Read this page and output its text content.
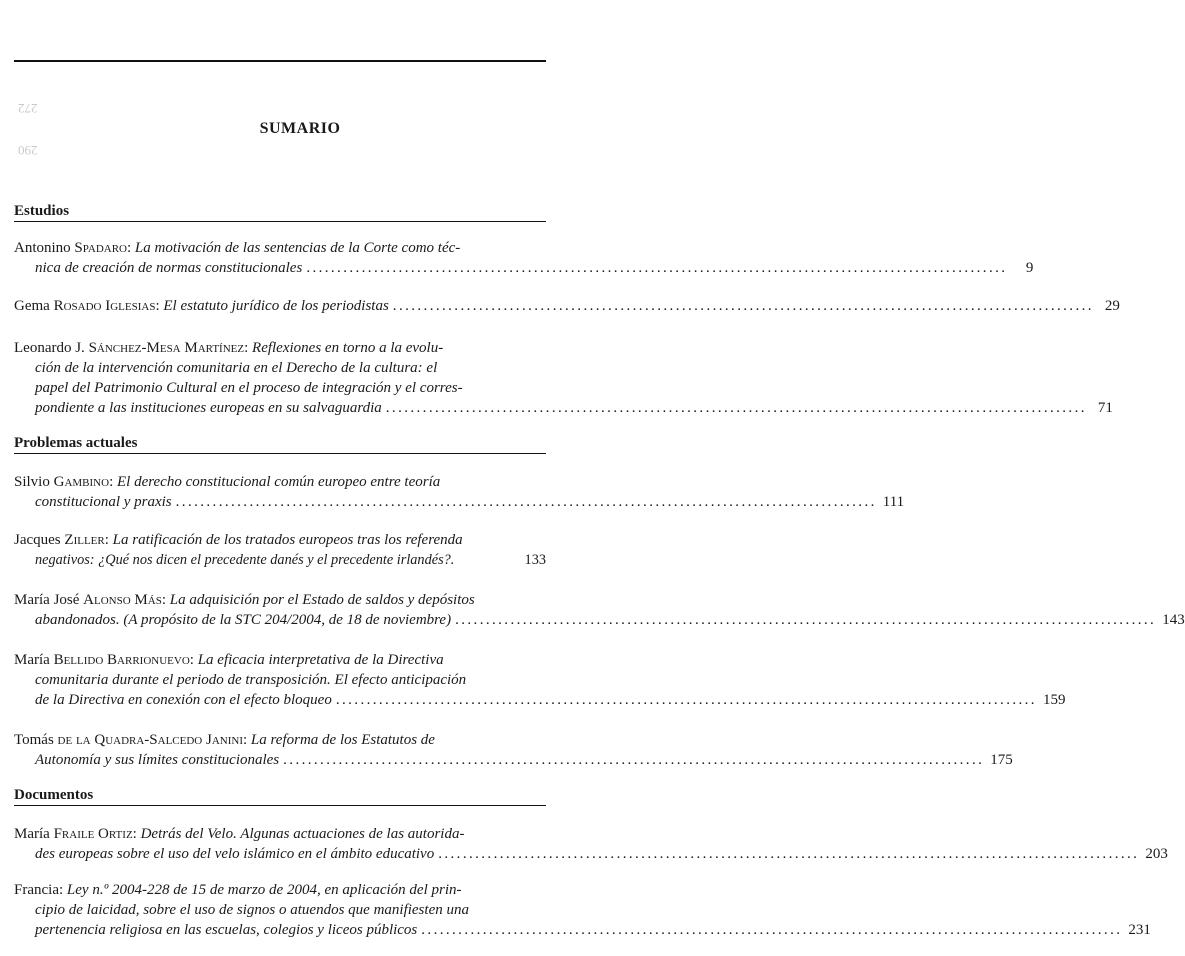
272
290
SUMARIO
Estudios
Antonino
Spadaro : La motivación de las sentencias de la Corte como téc-
nica de creación de normas constitucionales ..................................................................................................................	9
Gema Rosado Iglesias: El estatuto jurídico de los periodistas .................................................................................................................. 29
Leonardo J.
Sánchez-Mesa Martínez : Reflexiones en torno a la evolu-
ción de la intervención comunitaria en el Derecho de la cultura: el
papel del Patrimonio Cultural en el proceso de integración y el corres-
pondiente a las instituciones europeas en su salvaguardia .................................................................................................................. 71
Problemas actuales
Silvio
Gambino : El derecho constitucional común europeo entre teoría
constitucional y praxis .................................................................................................................. 111
Jacques
Ziller : La ratificación de los tratados europeos tras los referenda
negativos: ¿Qué nos dicen el precedente danés y el precedente irlandés?.	133
María José
Alonso Más : La adquisición por el Estado de saldos y depósitos
abandonados. (A propósito de la STC 204/2004, de 18 de noviembre) .................................................................................................................. 143
María
Bellido Barrionuevo : La eficacia interpretativa de la Directiva
comunitaria durante el periodo de transposición. El efecto anticipación
de la Directiva en conexión con el efecto bloqueo .................................................................................................................. 159
Tomás
de la Quadra-Salcedo Janini : La reforma de los Estatutos de
Autonomía y sus límites constitucionales .................................................................................................................. 175
Documentos
María
Fraile Ortiz : Detrás del Velo. Algunas actuaciones de las autorida-
des europeas sobre el uso del velo islámico en el ámbito educativo .................................................................................................................. 203
Francia : Ley n.º 2004-228 de 15 de marzo de 2004, en aplicación del prin-
cipio de laicidad, sobre el uso de signos o atuendos que manifiesten una
pertenencia religiosa en las escuelas, colegios y liceos públicos .................................................................................................................. 231
